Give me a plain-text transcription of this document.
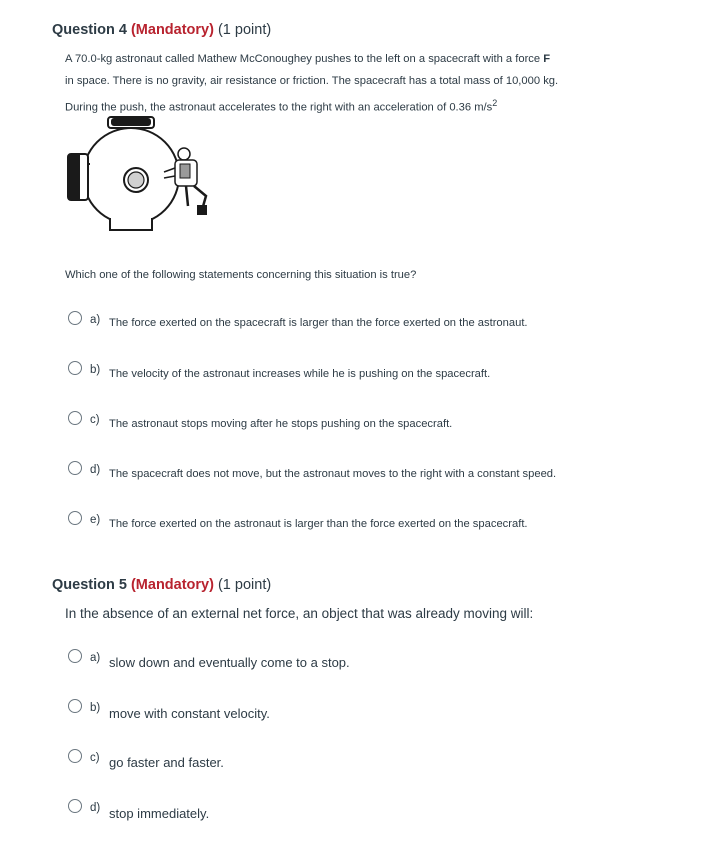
Question 4 (Mandatory) (1 point)
A 70.0-kg astronaut called Mathew McConoughey pushes to the left on a spacecraft with a force F
in space. There is no gravity, air resistance or friction. The spacecraft has a total mass of 10,000 kg.
During the push, the astronaut accelerates to the right with an acceleration of 0.36 $m/s^2$
Which one of the following statements concerning this situation is true?
a) The force exerted on the spacecraft is larger than the force exerted on the astronaut.
b) The velocity of the astronaut increases while he is pushing on the spacecraft.
c) The astronaut stops moving after he stops pushing on the spacecraft.
d) The spacecraft does not move, but the astronaut moves to the right with a constant speed.
e) The force exerted on the astronaut is larger than the force exerted on the spacecraft.
Question 5 (Mandatory) (1 point)
In the absence of an external net force, an object that was already moving will:
a) slow down and eventually come to a stop.
b) move with constant velocity.
c) go faster and faster.
d) stop immediately.
